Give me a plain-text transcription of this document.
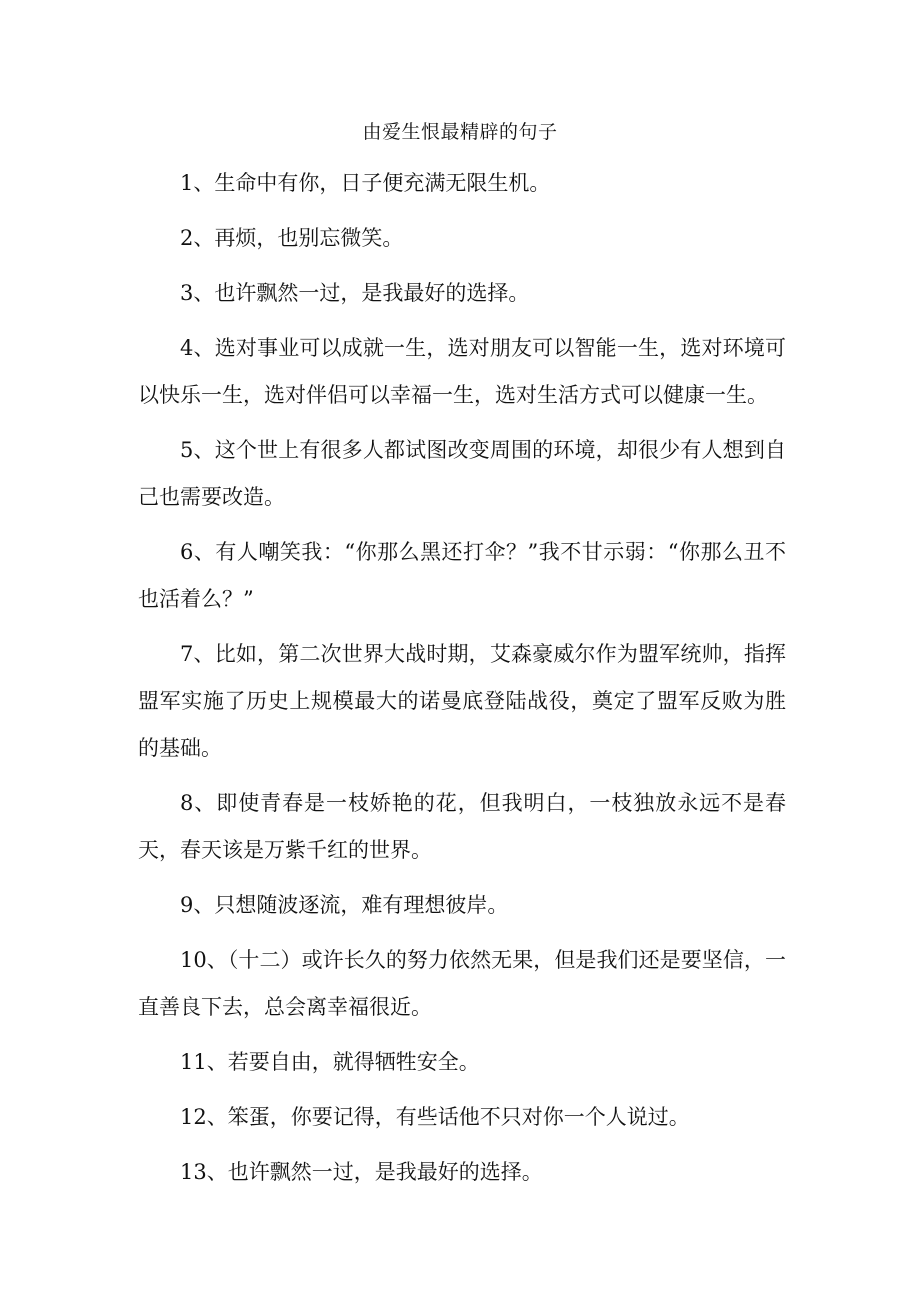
由爱生恨最精辟的句子

1、生命中有你，日子便充满无限生机。

2、再烦，也别忘微笑。

3、也许飘然一过，是我最好的选择。

4、选对事业可以成就一生，选对朋友可以智能一生，选对环境可以快乐一生，选对伴侣可以幸福一生，选对生活方式可以健康一生。

5、这个世上有很多人都试图改变周围的环境，却很少有人想到自己也需要改造。

6、有人嘲笑我：“你那么黑还打伞？”我不甘示弱：“你那么丑不也活着么？”

7、比如，第二次世界大战时期，艾森豪威尔作为盟军统帅，指挥盟军实施了历史上规模最大的诺曼底登陆战役，奠定了盟军反败为胜的基础。

8、即使青春是一枝娇艳的花，但我明白，一枝独放永远不是春天，春天该是万紫千红的世界。

9、只想随波逐流，难有理想彼岸。

10、（十二）或许长久的努力依然无果，但是我们还是要坚信，一直善良下去，总会离幸福很近。

11、若要自由，就得牺牲安全。

12、笨蛋，你要记得，有些话他不只对你一个人说过。

13、也许飘然一过，是我最好的选择。
